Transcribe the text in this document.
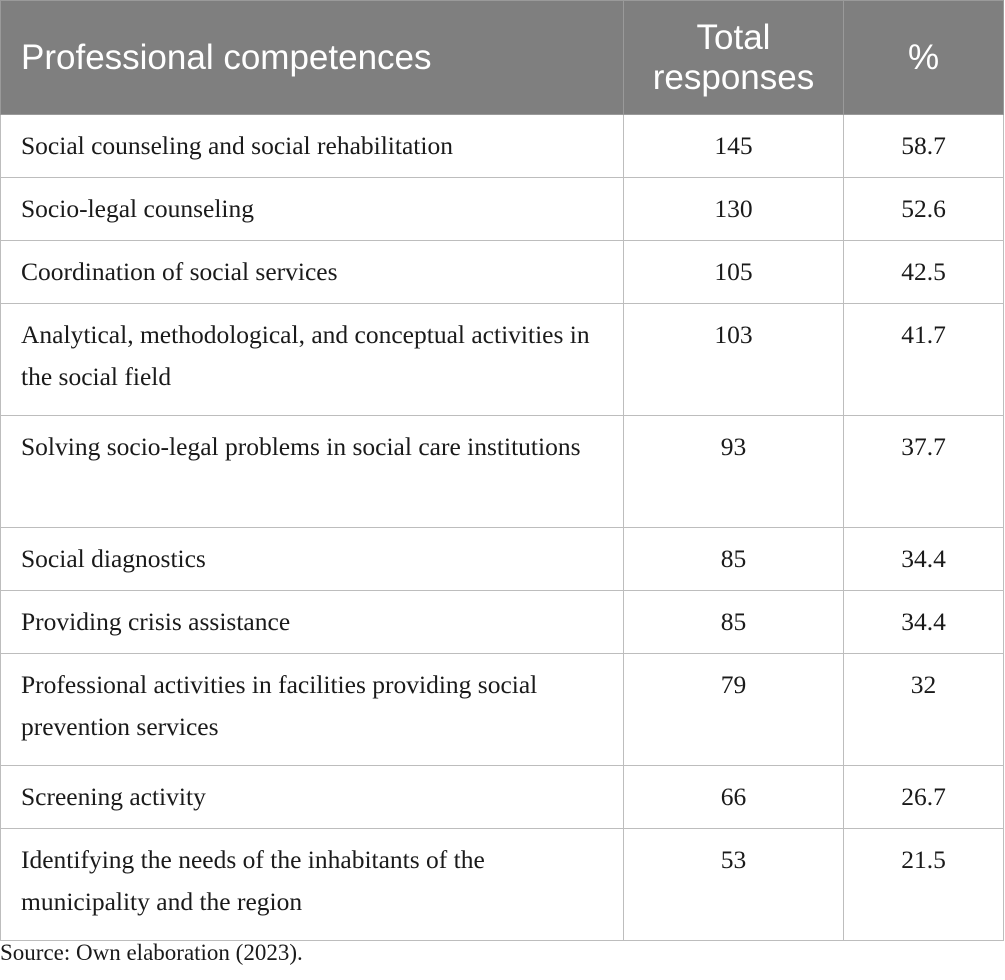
Professional competences	Total responses	%
Social counseling and social rehabilitation	145	58.7
Socio-legal counseling	130	52.6
Coordination of social services	105	42.5
Analytical, methodological, and conceptual activities in the social field	103	41.7
Solving socio-legal problems in social care institutions	93	37.7
Social diagnostics	85	34.4
Providing crisis assistance	85	34.4
Professional activities in facilities providing social prevention services	79	32
Screening activity	66	26.7
Identifying the needs of the inhabitants of the municipality and the region	53	21.5
Source: Own elaboration (2023).
